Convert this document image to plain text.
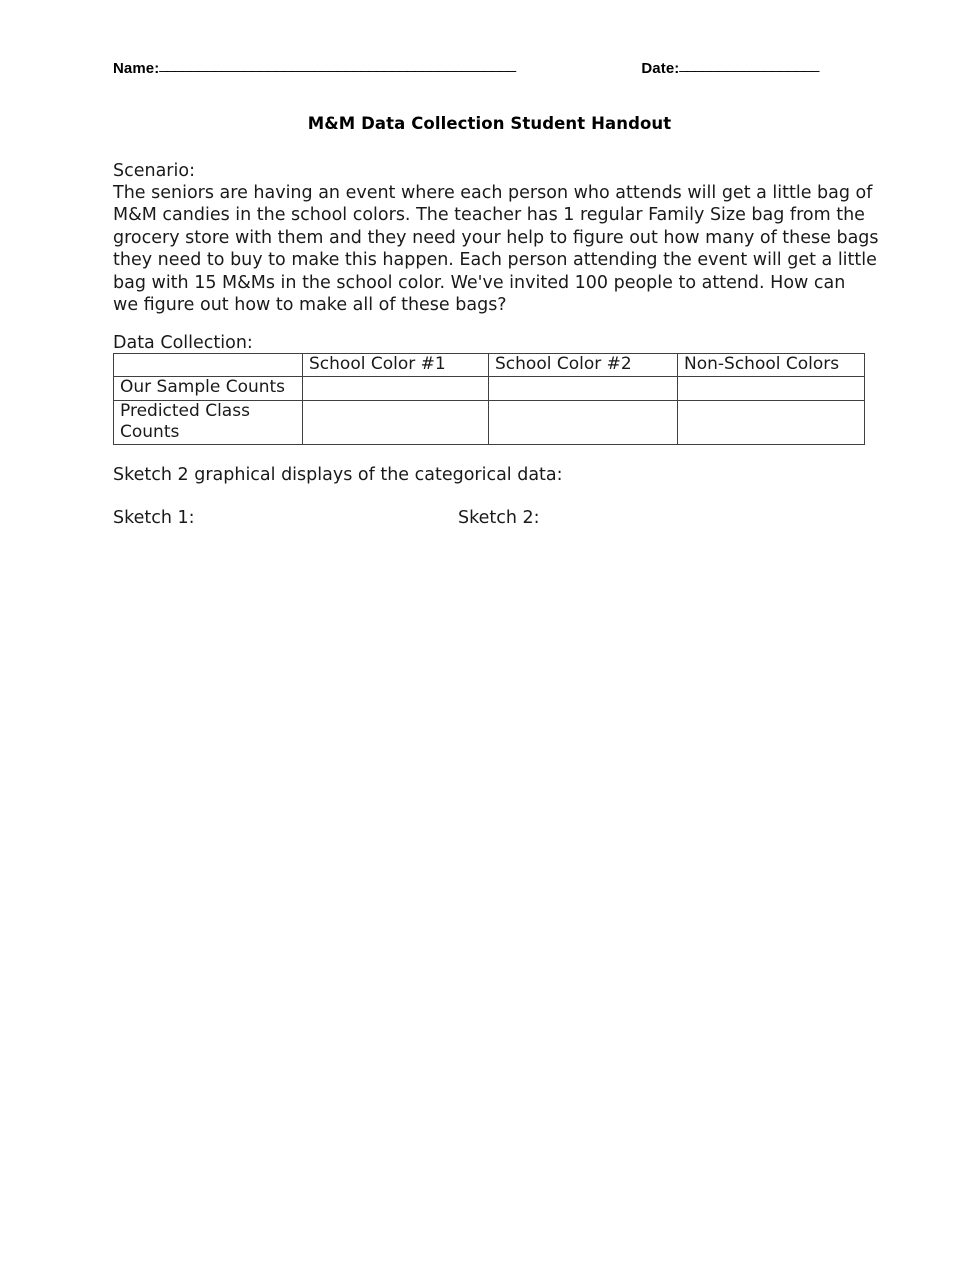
Name:______________________________________________	Date:__________________
M&M Data Collection Student Handout
Scenario:
The seniors are having an event where each person who attends will get a little bag of
M&M candies in the school colors. The teacher has 1 regular Family Size bag from the
grocery store with them and they need your help to figure out how many of these bags
they need to buy to make this happen. Each person attending the event will get a little
bag with 15 M&Ms in the school color. We've invited 100 people to attend. How can
we figure out how to make all of these bags?
Data Collection:
	School Color #1	School Color #2	Non-School Colors
Our Sample Counts			
Predicted Class Counts			
Sketch 2 graphical displays of the categorical data:
Sketch 1:	Sketch 2:
